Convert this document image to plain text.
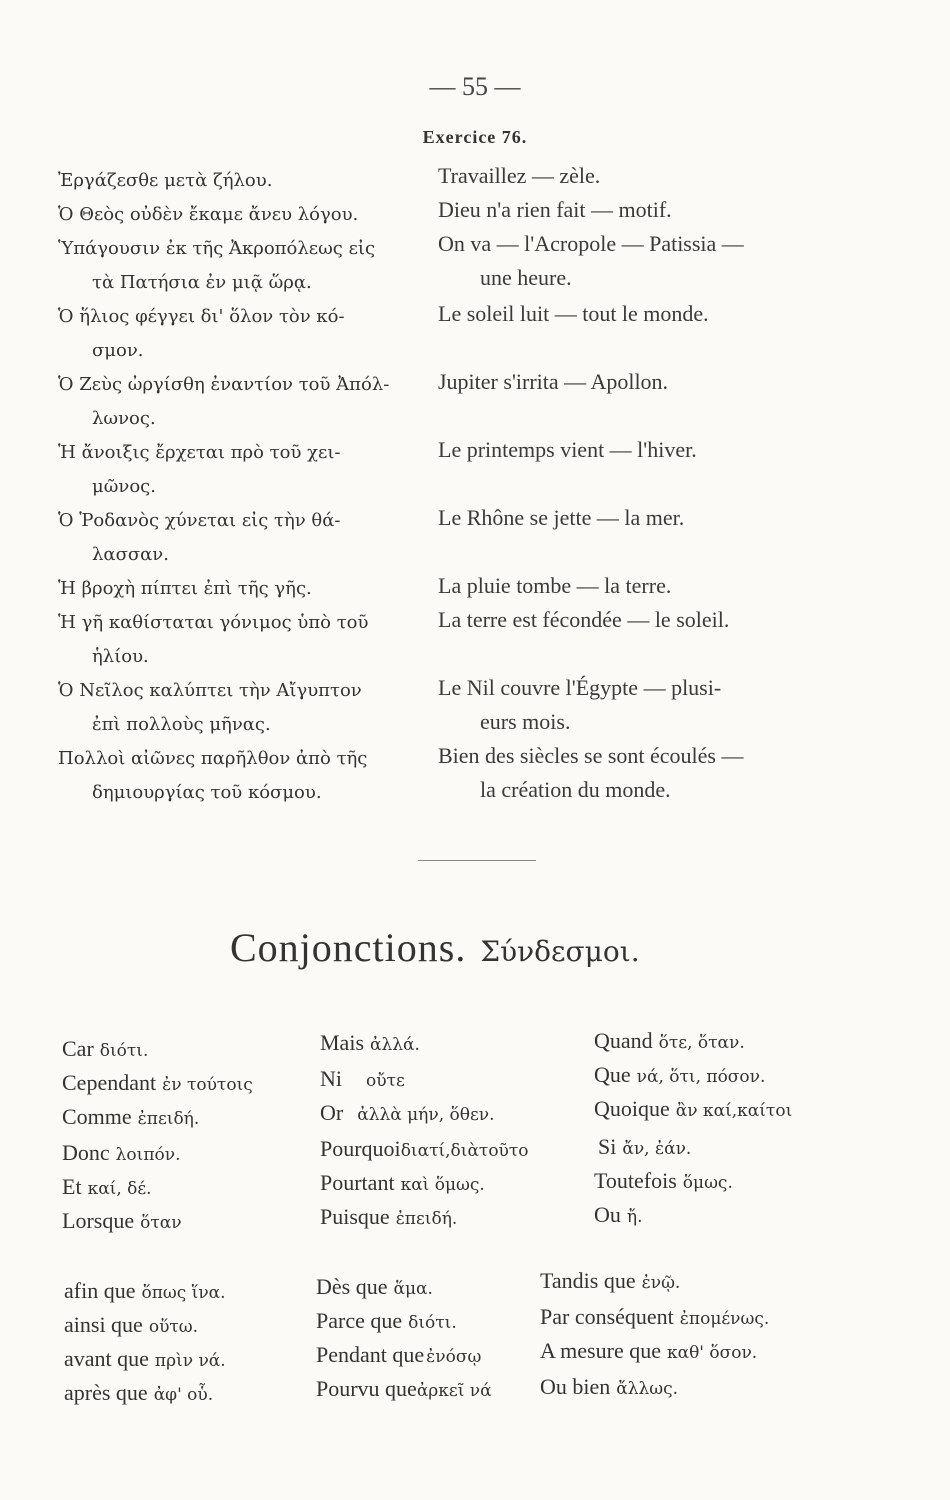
— 55 —
Exercice 76.
Ἐργάζεσθε μετὰ ζήλου.
Ὁ Θεὸς οὐδὲν ἔκαμε ἄνευ λόγου.
Ὑπάγουσιν ἐκ τῆς Ἀκροπόλεως εἰς
τὰ Πατήσια ἐν μιᾷ ὥρᾳ.
Ὁ ἥλιος φέγγει δι' ὅλον τὸν κό-
σμον.
Ὁ Ζεὺς ὠργίσθη ἐναντίον τοῦ Ἀπόλ-
λωνος.
Ἡ ἄνοιξις ἔρχεται πρὸ τοῦ χει-
μῶνος.
Ὁ Ῥοδανὸς χύνεται εἰς τὴν θά-
λασσαν.
Ἡ βροχὴ πίπτει ἐπὶ τῆς γῆς.
Ἡ γῆ καθίσταται γόνιμος ὑπὸ τοῦ
ἡλίου.
Ὁ Νεῖλος καλύπτει τὴν Αἴγυπτον
ἐπὶ πολλοὺς μῆνας.
Πολλοὶ αἰῶνες παρῆλθον ἀπὸ τῆς
δημιουργίας τοῦ κόσμου.
Travaillez — zèle.
Dieu n'a rien fait — motif.
On va — l'Acropole — Patissia —
une heure.
Le soleil luit — tout le monde.
Jupiter s'irrita — Apollon.
Le printemps vient — l'hiver.
Le Rhône se jette — la mer.
La pluie tombe — la terre.
La terre est fécondée — le soleil.
Le Nil couvre l'Égypte — plusi-
eurs mois.
Bien des siècles se sont écoulés —
la création du monde.
Conjonctions. Σύνδεσμοι.
Car διότι.
Cependant ἐν τούτοις
Comme ἐπειδή.
Donc λοιπόν.
Et καί, δέ.
Lorsque ὅταν
Mais ἀλλά.
Ni οὔτε
Or ἀλλὰ μήν, ὅθεν.
Pourquoiδιατί,διὰτοῦτο
Pourtant καὶ ὅμως.
Puisque ἐπειδή.
Quand ὅτε, ὅταν.
Que νά, ὅτι, πόσον.
Quoique ἂν καί,καίτοι
Si ἄν, ἐάν.
Toutefois ὅμως.
Ou ἤ.
afin que ὅπως ἵνα.
ainsi que οὕτω.
avant que πρὶν νά.
après que ἀφ' οὗ.
Dès que ἅμα.
Parce que διότι.
Pendant que ἐνόσῳ
Pourvu queἀρκεῖ νά
Tandis que ἐνῷ.
Par conséquent ἐπομένως.
A mesure que καθ' ὅσον.
Ou bien ἄλλως.
